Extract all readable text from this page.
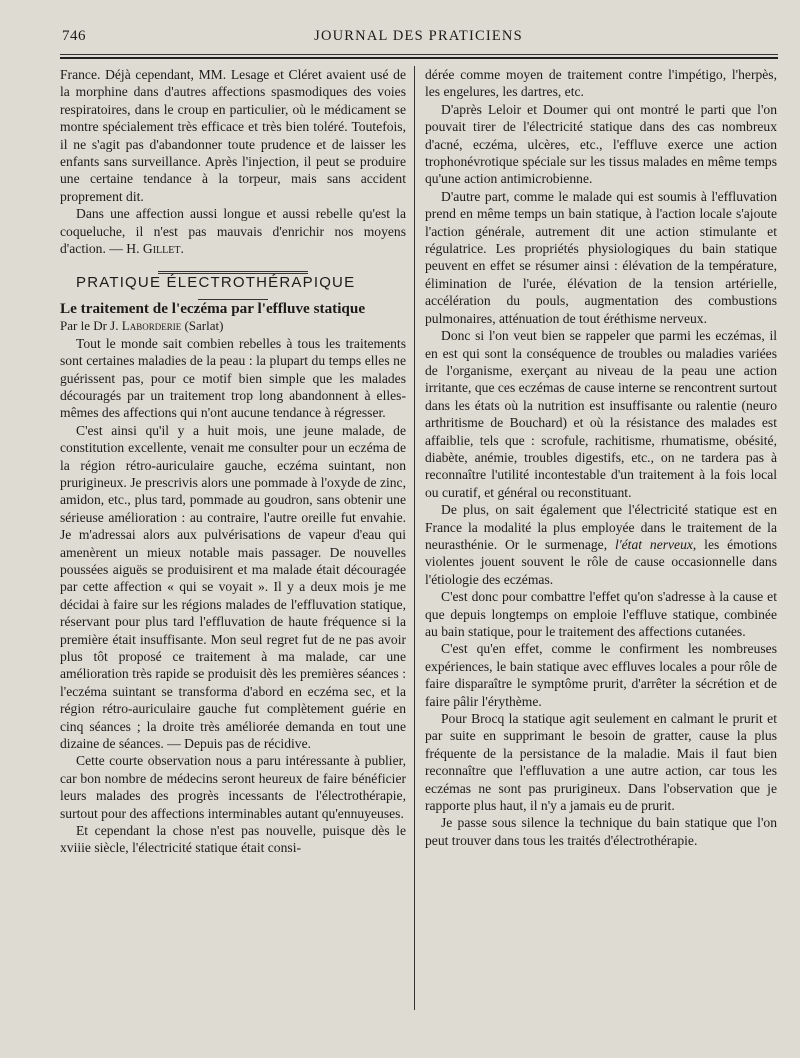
746	JOURNAL DES PRATICIENS

France. Déjà cependant, MM. Lesage et Cléret avaient usé de la morphine dans d'autres affections spasmodiques des voies respiratoires, dans le croup en particulier, où le médicament se montre spécialement très efficace et très bien toléré. Toutefois, il ne s'agit pas d'abandonner toute prudence et de laisser les enfants sans surveillance. Après l'injection, il peut se produire une certaine tendance à la torpeur, mais sans accident proprement dit.

Dans une affection aussi longue et aussi rebelle qu'est la coqueluche, il n'est pas mauvais d'enrichir nos moyens d'action. — H. Gillet.

PRATIQUE ÉLECTROTHÉRAPIQUE

Le traitement de l'eczéma par l'effluve statique

Par le Dr J. Laborderie (Sarlat)

Tout le monde sait combien rebelles à tous les traitements sont certaines maladies de la peau : la plupart du temps elles ne guérissent pas, pour ce motif bien simple que les malades découragés par un traitement trop long abandonnent à elles-mêmes des affections qui n'ont aucune tendance à régresser.

C'est ainsi qu'il y a huit mois, une jeune malade, de constitution excellente, venait me consulter pour un eczéma de la région rétro-auriculaire gauche, eczéma suintant, non prurigineux. Je prescrivis alors une pommade à l'oxyde de zinc, amidon, etc., plus tard, pommade au goudron, sans obtenir une sérieuse amélioration : au contraire, l'autre oreille fut envahie. Je m'adressai alors aux pulvérisations de vapeur d'eau qui amenèrent un mieux notable mais passager. De nouvelles poussées aiguës se produisirent et ma malade était découragée par cette affection « qui se voyait ». Il y a deux mois je me décidai à faire sur les régions malades de l'effluvation statique, réservant pour plus tard l'effluvation de haute fréquence si la première était insuffisante. Mon seul regret fut de ne pas avoir plus tôt proposé ce traitement à ma malade, car une amélioration très rapide se produisit dès les premières séances : l'eczéma suintant se transforma d'abord en eczéma sec, et la région rétro-auriculaire gauche fut complètement guérie en cinq séances ; la droite très améliorée demanda en tout une dizaine de séances. — Depuis pas de récidive.

Cette courte observation nous a paru intéressante à publier, car bon nombre de médecins seront heureux de faire bénéficier leurs malades des progrès incessants de l'électrothérapie, surtout pour des affections interminables autant qu'ennuyeuses.

Et cependant la chose n'est pas nouvelle, puisque dès le xviiie siècle, l'électricité statique était consi-

dérée comme moyen de traitement contre l'impétigo, l'herpès, les engelures, les dartres, etc.

D'après Leloir et Doumer qui ont montré le parti que l'on pouvait tirer de l'électricité statique dans des cas nombreux d'acné, eczéma, ulcères, etc., l'effluve exerce une action trophonévrotique spéciale sur les tissus malades en même temps qu'une action antimicrobienne.

D'autre part, comme le malade qui est soumis à l'effluvation prend en même temps un bain statique, à l'action locale s'ajoute l'action générale, autrement dit une action stimulante et régulatrice. Les propriétés physiologiques du bain statique peuvent en effet se résumer ainsi : élévation de la température, élimination de l'urée, élévation de la tension artérielle, accélération du pouls, augmentation des combustions pulmonaires, atténuation de tout éréthisme nerveux.

Donc si l'on veut bien se rappeler que parmi les eczémas, il en est qui sont la conséquence de troubles ou maladies variées de l'organisme, exerçant au niveau de la peau une action irritante, que ces eczémas de cause interne se rencontrent surtout dans les états où la nutrition est insuffisante ou ralentie (neuro arthritisme de Bouchard) et où la résistance des malades est affaiblie, tels que : scrofule, rachitisme, rhumatisme, obésité, diabète, anémie, troubles digestifs, etc., on ne tardera pas à reconnaître l'utilité incontestable d'un traitement à la fois local ou curatif, et général ou reconstituant.

De plus, on sait également que l'électricité statique est en France la modalité la plus employée dans le traitement de la neurasthénie. Or le surmenage, l'état nerveux, les émotions violentes jouent souvent le rôle de cause occasionnelle dans l'étiologie des eczémas.

C'est donc pour combattre l'effet qu'on s'adresse à la cause et que depuis longtemps on emploie l'effluve statique, combinée au bain statique, pour le traitement des affections cutanées.

C'est qu'en effet, comme le confirment les nombreuses expériences, le bain statique avec effluves locales a pour rôle de faire disparaître le symptôme prurit, d'arrêter la sécrétion et de faire pâlir l'érythème.

Pour Brocq la statique agit seulement en calmant le prurit et par suite en supprimant le besoin de gratter, cause la plus fréquente de la persistance de la maladie. Mais il faut bien reconnaître que l'effluvation a une autre action, car tous les eczémas ne sont pas prurigineux. Dans l'observation que je rapporte plus haut, il n'y a jamais eu de prurit.

Je passe sous silence la technique du bain statique que l'on peut trouver dans tous les traités d'électrothérapie.
